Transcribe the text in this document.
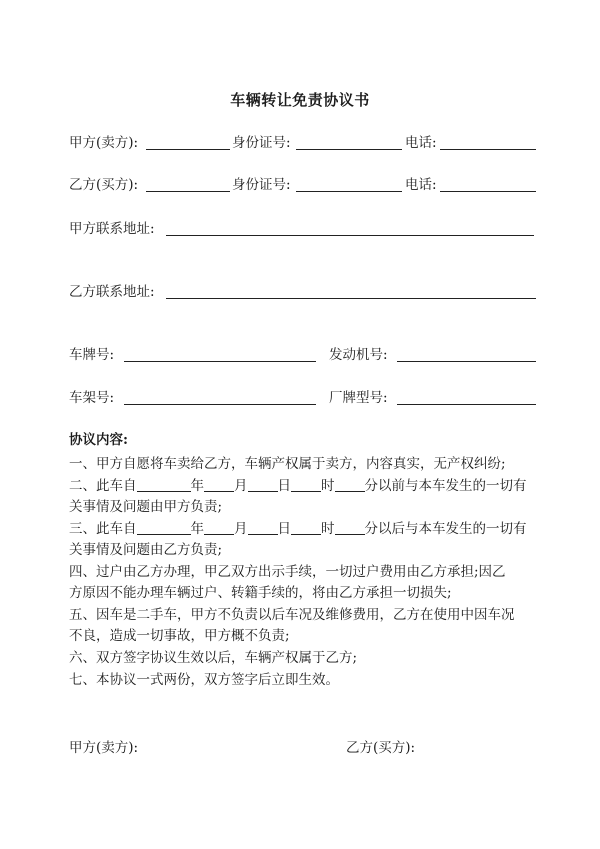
车辆转让免责协议书
甲方(卖方):	身份证号:	电话:
乙方(买方):	身份证号:	电话:
甲方联系地址:
乙方联系地址:
车牌号:	发动机号:
车架号:	厂牌型号:
协议内容:
一、甲方自愿将车卖给乙方，车辆产权属于卖方，内容真实，无产权纠纷;
二、此车自	年 月 日 时 分以前与本车发生的一切有
关事情及问题由甲方负责;
三、此车自	年 月 日 时 分以后与本车发生的一切有
关事情及问题由乙方负责;
四、过户由乙方办理，甲乙双方出示手续，一切过户费用由乙方承担;因乙
方原因不能办理车辆过户、转籍手续的，将由乙方承担一切损失;
五、因车是二手车，甲方不负责以后车况及维修费用，乙方在使用中因车况
不良，造成一切事故，甲方概不负责;
六、双方签字协议生效以后，车辆产权属于乙方;
七、本协议一式两份，双方签字后立即生效。
甲方(卖方):	乙方(买方):
